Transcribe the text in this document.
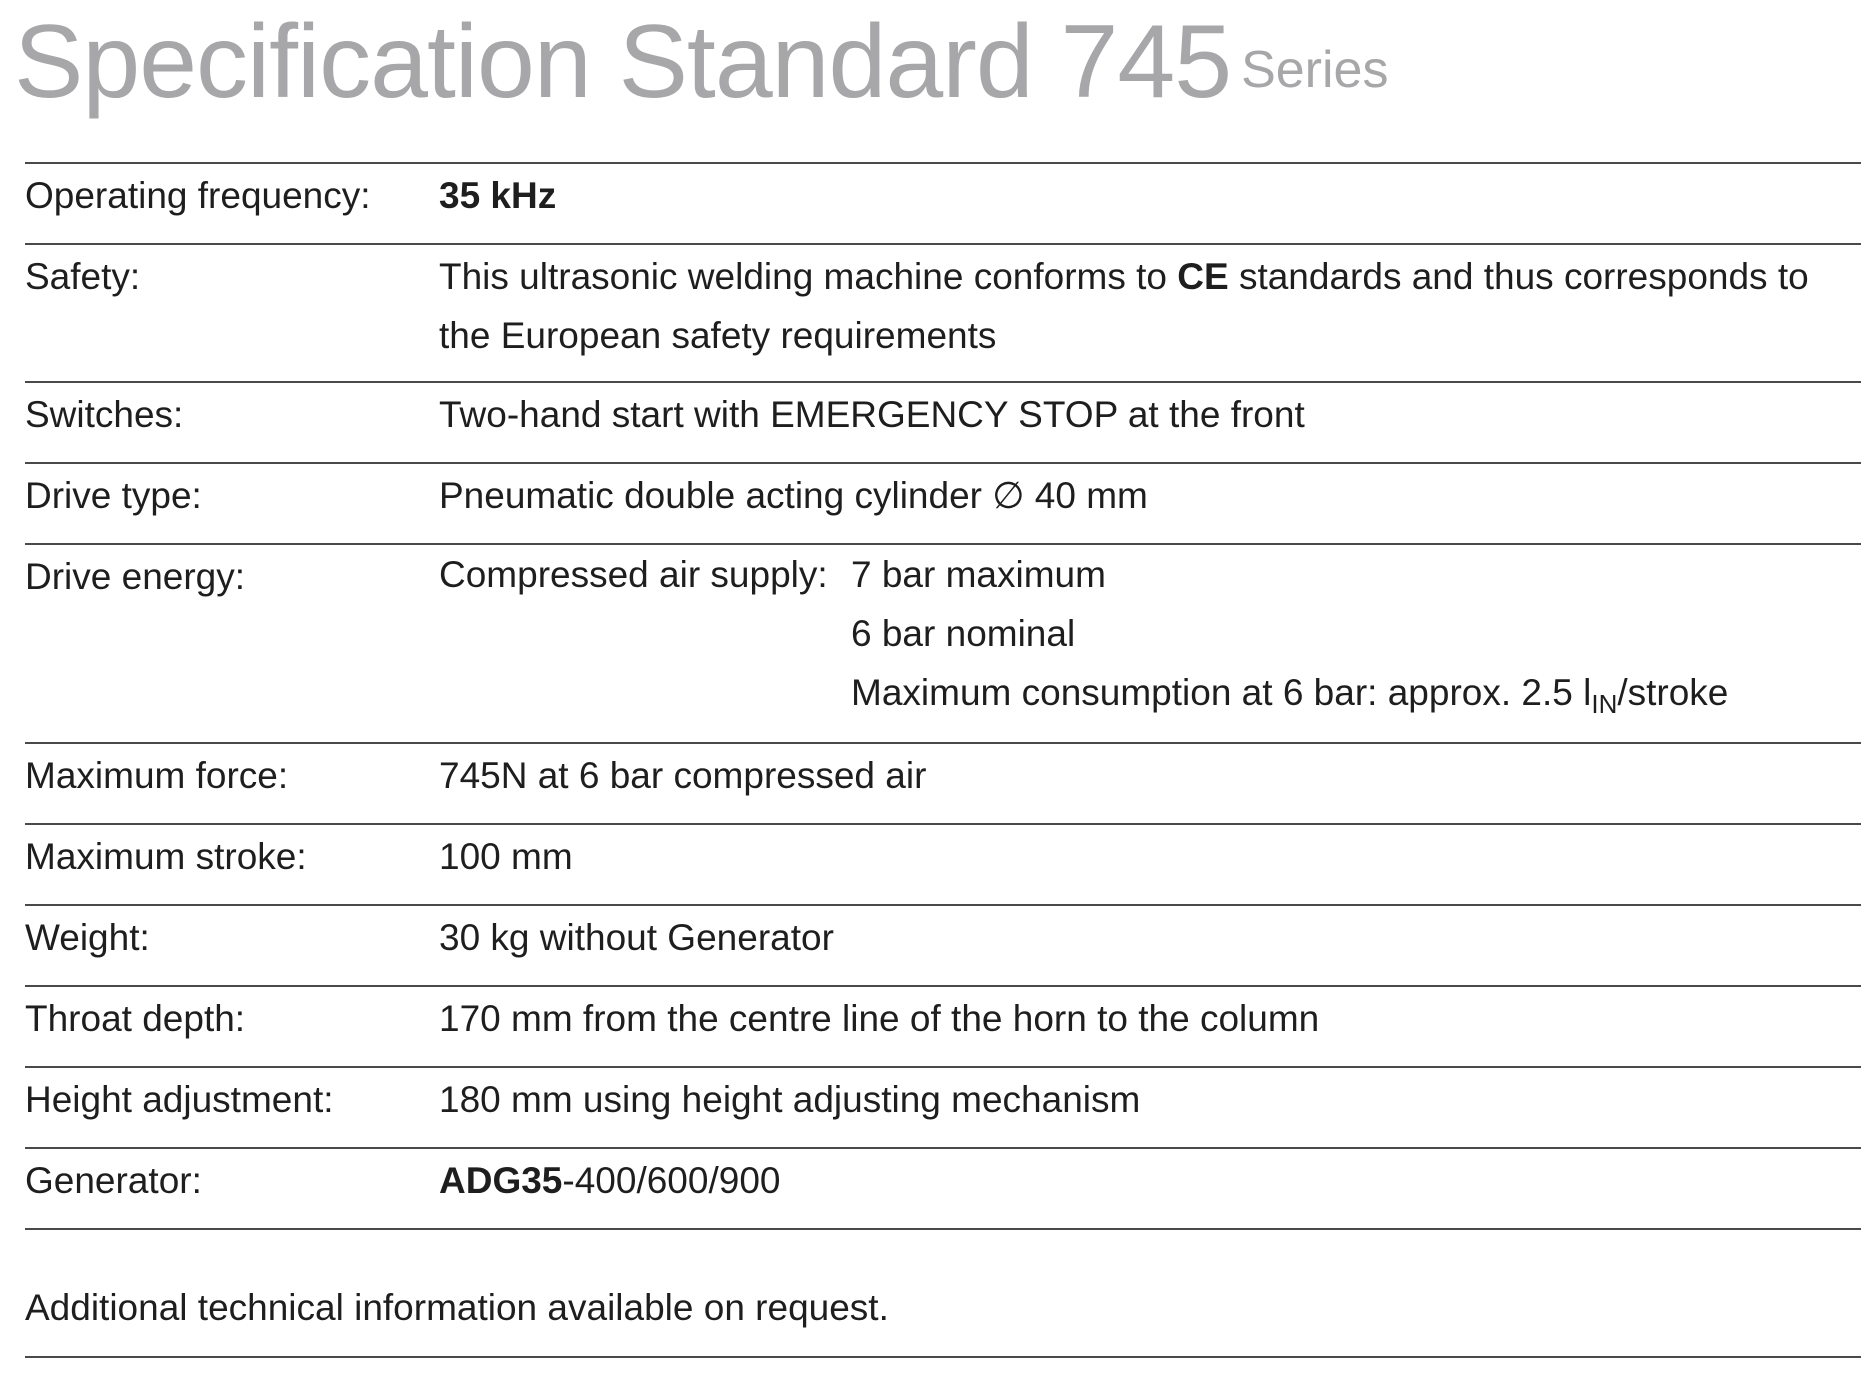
Specification Standard 745 Series
Operating frequency: 35 kHz
Safety:	This ultrasonic welding machine conforms to CE standards and thus corresponds to the European safety requirements
Switches:	Two-hand start with EMERGENCY STOP at the front
Drive type:	Pneumatic double acting cylinder ∅ 40 mm
Drive energy:	Compressed air supply: 7 bar maximum
6 bar nominal
Maximum consumption at 6 bar: approx. 2.5 $l_{IN}$/stroke
Maximum force:	745N at 6 bar compressed air
Maximum stroke:	100 mm
Weight:	30 kg without Generator
Throat depth:	170 mm from the centre line of the horn to the column
Height adjustment:	180 mm using height adjusting mechanism
Generator:	ADG35-400/600/900
Additional technical information available on request.
